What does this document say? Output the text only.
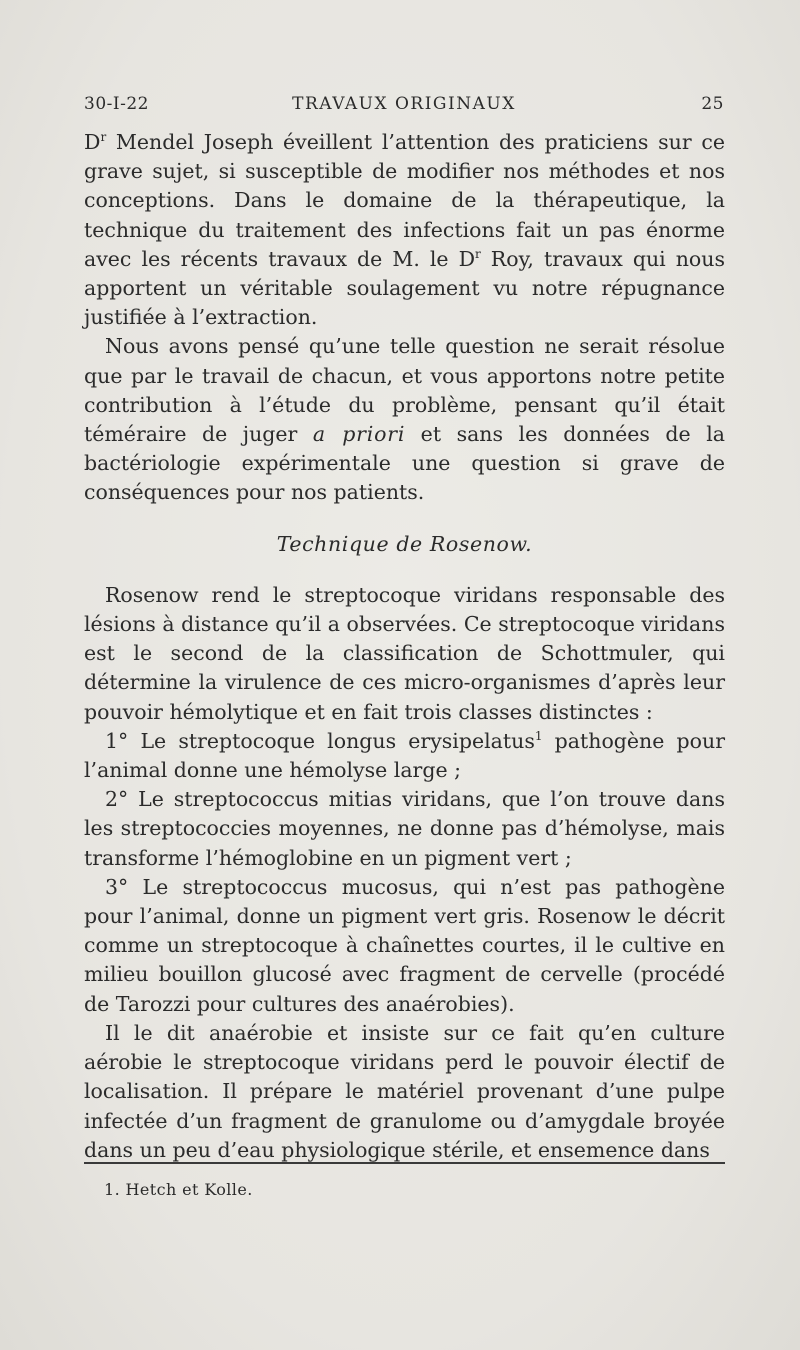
30-I-22	TRAVAUX ORIGINAUX	25

$D^r$ Mendel Joseph éveillent l’attention des praticiens sur ce grave sujet, si susceptible de modifier nos méthodes et nos conceptions. Dans le domaine de la thérapeutique, la technique du traitement des infections fait un pas énorme avec les récents travaux de M. le $D^r$ Roy, travaux qui nous apportent un véritable soulagement vu notre répugnance justifiée à l’extraction.

Nous avons pensé qu’une telle question ne serait résolue que par le travail de chacun, et vous apportons notre petite contribution à l’étude du problème, pensant qu’il était téméraire de juger a priori et sans les données de la bactériologie expérimentale une question si grave de conséquences pour nos patients.

Technique de Rosenow.

Rosenow rend le streptocoque viridans responsable des lésions à distance qu’il a observées. Ce streptocoque viridans est le second de la classification de Schottmuler, qui détermine la virulence de ces micro-organismes d’après leur pouvoir hémolytique et en fait trois classes distinctes :

1° Le streptocoque longus erysipelatus$^1$ pathogène pour l’animal donne une hémolyse large ;

2° Le streptococcus mitias viridans, que l’on trouve dans les streptococcies moyennes, ne donne pas d’hémolyse, mais transforme l’hémoglobine en un pigment vert ;

3° Le streptococcus mucosus, qui n’est pas pathogène pour l’animal, donne un pigment vert gris. Rosenow le décrit comme un streptocoque à chaînettes courtes, il le cultive en milieu bouillon glucosé avec fragment de cervelle (procédé de Tarozzi pour cultures des anaérobies).

Il le dit anaérobie et insiste sur ce fait qu’en culture aérobie le streptocoque viridans perd le pouvoir électif de localisation. Il prépare le matériel provenant d’une pulpe infectée d’un fragment de granulome ou d’amygdale broyée dans un peu d’eau physiologique stérile, et ensemence dans

1. Hetch et Kolle.
